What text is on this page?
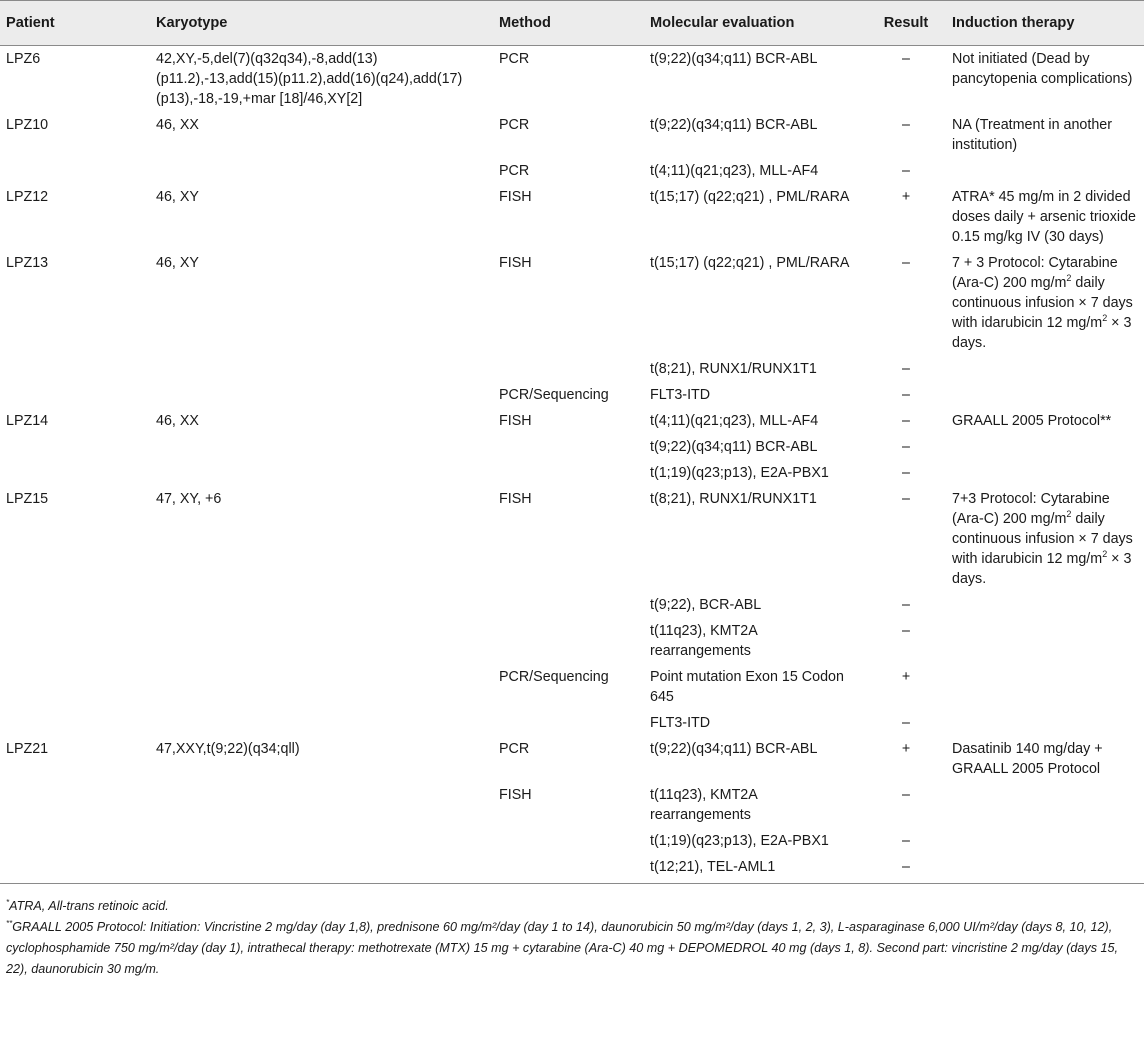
Patient	Karyotype	Method	Molecular evaluation	Result	Induction therapy
LPZ6	42,XY,-5,del(7)(q32q34),-8,add(13)(p11.2),-13,add(15)(p11.2),add(16)(q24),add(17)(p13),-18,-19,+mar [18]/46,XY[2]	PCR	t(9;22)(q34;q11) BCR-ABL	–	Not initiated (Dead by pancytopenia complications)
LPZ10	46, XX	PCR	t(9;22)(q34;q11) BCR-ABL	–	NA (Treatment in another institution)
		PCR	t(4;11)(q21;q23), MLL-AF4	–	
LPZ12	46, XY	FISH	t(15;17) (q22;q21) , PML/RARA	+	ATRA* 45 mg/m in 2 divided doses daily + arsenic trioxide 0.15 mg/kg IV (30 days)
LPZ13	46, XY	FISH	t(15;17) (q22;q21) , PML/RARA	–	7 + 3 Protocol: Cytarabine (Ara-C) 200 $mg/m^2$ daily continuous infusion × 7 days with idarubicin 12 $mg/m^2 \times 3$ days.
			t(8;21), RUNX1/RUNX1T1	–	
		PCR/Sequencing	FLT3-ITD	–	
LPZ14	46, XX	FISH	t(4;11)(q21;q23), MLL-AF4	–	GRAALL 2005 Protocol**
			t(9;22)(q34;q11) BCR-ABL	–	
			t(1;19)(q23;p13), E2A-PBX1	–	
LPZ15	47, XY, +6	FISH	t(8;21), RUNX1/RUNX1T1	–	7+3 Protocol: Cytarabine (Ara-C) 200 $mg/m^2$ daily continuous infusion × 7 days with idarubicin 12 $mg/m^2 \times 3$ days.
			t(9;22), BCR-ABL	–	
			t(11q23), KMT2A rearrangements	–	
		PCR/Sequencing	Point mutation Exon 15 Codon 645	+	
			FLT3-ITD	–	
LPZ21	47,XXY,t(9;22)(q34;qll)	PCR	t(9;22)(q34;q11) BCR-ABL	+	Dasatinib 140 mg/day + GRAALL 2005 Protocol
		FISH	t(11q23), KMT2A rearrangements	–	
			t(1;19)(q23;p13), E2A-PBX1	–	
			t(12;21), TEL-AML1	–	
*ATRA, All-trans retinoic acid.
**GRAALL 2005 Protocol: Initiation: Vincristine 2 mg/day (day 1,8), prednisone 60 mg/m²/day (day 1 to 14), daunorubicin 50 mg/m²/day (days 1, 2, 3), L-asparaginase 6,000 UI/m²/day (days 8, 10, 12), cyclophosphamide 750 mg/m²/day (day 1), intrathecal therapy: methotrexate (MTX) 15 mg + cytarabine (Ara-C) 40 mg + DEPOMEDROL 40 mg (days 1, 8). Second part: vincristine 2 mg/day (days 15, 22), daunorubicin 30 mg/m.
